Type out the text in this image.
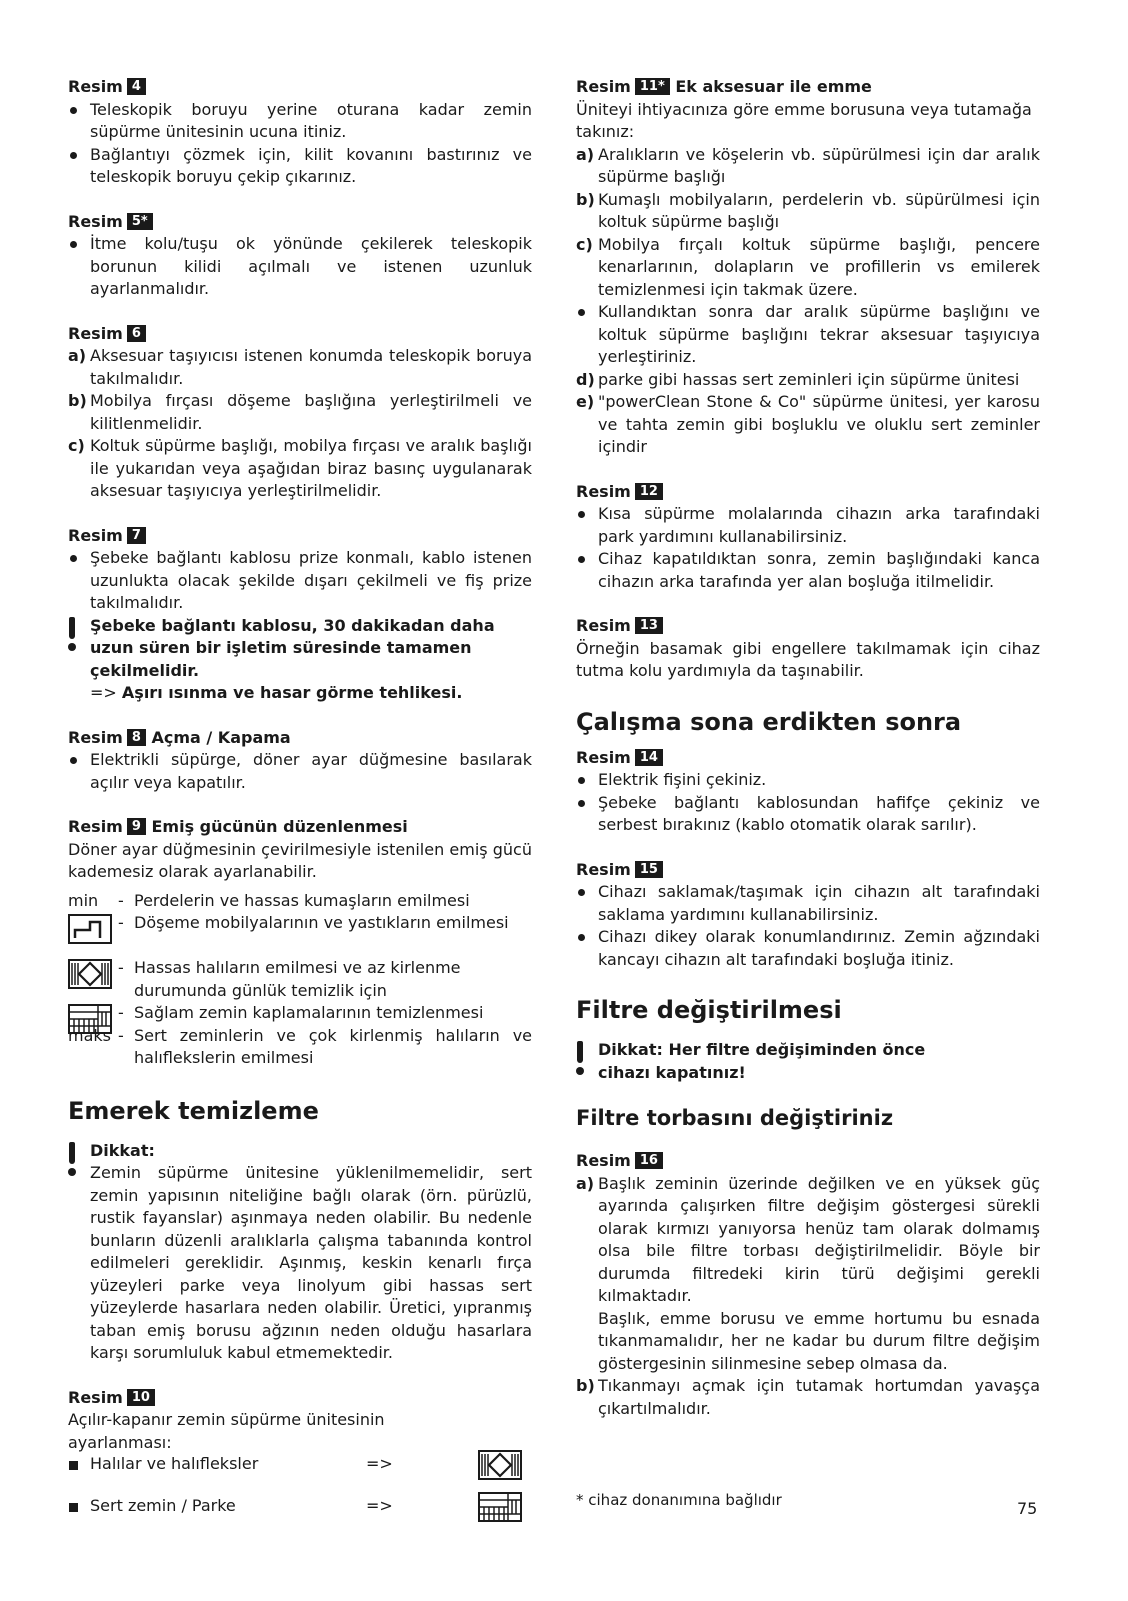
Resim 4

Teleskopik boruyu yerine oturana kadar zemin süpürme ünitesinin ucuna itiniz.
Bağlantıyı çözmek için, kilit kovanını bastırınız ve teleskopik boruyu çekip çıkarınız.

Resim 5*

İtme kolu/tuşu ok yönünde çekilerek teleskopik borunun kilidi açılmalı ve istenen uzunluk ayarlanmalıdır.

Resim 6

a) Aksesuar taşıyıcısı istenen konumda teleskopik boruya takılmalıdır.
b) Mobilya fırçası döşeme başlığına yerleştirilmeli ve kilitlenmelidir.
c) Koltuk süpürme başlığı, mobilya fırçası ve aralık başlığı ile yukarıdan veya aşağıdan biraz basınç uygulanarak aksesuar taşıyıcıya yerleştirilmelidir.

Resim 7

Şebeke bağlantı kablosu prize konmalı, kablo istenen uzunlukta olacak şekilde dışarı çekilmeli ve fiş prize takılmalıdır.
Şebeke bağlantı kablosu, 30 dakikadan daha uzun süren bir işletim süresinde tamamen çekilmelidir.
=> Aşırı ısınma ve hasar görme tehlikesi.

Resim 8 Açma / Kapama

Elektrikli süpürge, döner ayar düğmesine basılarak açılır veya kapatılır.

Resim 9 Emiş gücünün düzenlenmesi

Döner ayar düğmesinin çevirilmesiyle istenilen emiş gücü kademesiz olarak ayarlanabilir.

min - Perdelerin ve hassas kumaşların emilmesi
- Döşeme mobilyalarının ve yastıkların emilmesi
- Hassas halıların emilmesi ve az kirlenme durumunda günlük temizlik için
- Sağlam zemin kaplamalarının temizlenmesi
maks - Sert zeminlerin ve çok kirlenmiş halıların ve halıflekslerin emilmesi
Emerek temizleme
Dikkat:
Zemin süpürme ünitesine yüklenilmemelidir, sert zemin yapısının niteliğine bağlı olarak (örn. pürüzlü, rustik fayanslar) aşınmaya neden olabilir. Bu nedenle bunların düzenli aralıklarla çalışma tabanında kontrol edilmeleri gereklidir. Aşınmış, keskin kenarlı fırça yüzeyleri parke veya linolyum gibi hassas sert yüzeylerde hasarlara neden olabilir. Üretici, yıpranmış taban emiş borusu ağzının neden olduğu hasarlara karşı sorumluluk kabul etmemektedir.

Resim 10

Açılır-kapanır zemin süpürme ünitesinin ayarlanması:

Halılar ve halıfleksler	=>
Sert zemin / Parke	=>

Resim 11* Ek aksesuar ile emme

Üniteyi ihtiyacınıza göre emme borusuna veya tutamağa takınız:

a) Aralıkların ve köşelerin vb. süpürülmesi için dar aralık süpürme başlığı
b) Kumaşlı mobilyaların, perdelerin vb. süpürülmesi için koltuk süpürme başlığı
c) Mobilya fırçalı koltuk süpürme başlığı, pencere kenarlarının, dolapların ve profillerin vs emilerek temizlenmesi için takmak üzere.
Kullandıktan sonra dar aralık süpürme başlığını ve koltuk süpürme başlığını tekrar aksesuar taşıyıcıya yerleştiriniz.
d) parke gibi hassas sert zeminleri için süpürme ünitesi
e) "powerClean Stone & Co" süpürme ünitesi, yer karosu ve tahta zemin gibi boşluklu ve oluklu sert zeminler içindir

Resim 12

Kısa süpürme molalarında cihazın arka tarafındaki park yardımını kullanabilirsiniz.
Cihaz kapatıldıktan sonra, zemin başlığındaki kanca cihazın arka tarafında yer alan boşluğa itilmelidir.

Resim 13

Örneğin basamak gibi engellere takılmamak için cihaz tutma kolu yardımıyla da taşınabilir.

Çalışma sona erdikten sonra

Resim 14

Elektrik fişini çekiniz.
Şebeke bağlantı kablosundan hafifçe çekiniz ve serbest bırakınız (kablo otomatik olarak sarılır).

Resim 15

Cihazı saklamak/taşımak için cihazın alt tarafındaki saklama yardımını kullanabilirsiniz.
Cihazı dikey olarak konumlandırınız. Zemin ağzındaki kancayı cihazın alt tarafındaki boşluğa itiniz.
Filtre değiştirilmesi
Dikkat: Her filtre değişiminden önce cihazı kapatınız!
Filtre torbasını değiştiriniz

Resim 16

a) Başlık zeminin üzerinde değilken ve en yüksek güç ayarında çalışırken filtre değişim göstergesi sürekli olarak kırmızı yanıyorsa henüz tam olarak dolmamış olsa bile filtre torbası değiştirilmelidir. Böyle bir durumda filtredeki kirin türü değişimi gerekli kılmaktadır.
Başlık, emme borusu ve emme hortumu bu esnada tıkanmamalıdır, her ne kadar bu durum filtre değişim göstergesinin silinmesine sebep olmasa da.
b) Tıkanmayı açmak için tutamak hortumdan yavaşça çıkartılmalıdır.
* cihaz donanımına bağlıdır	75
